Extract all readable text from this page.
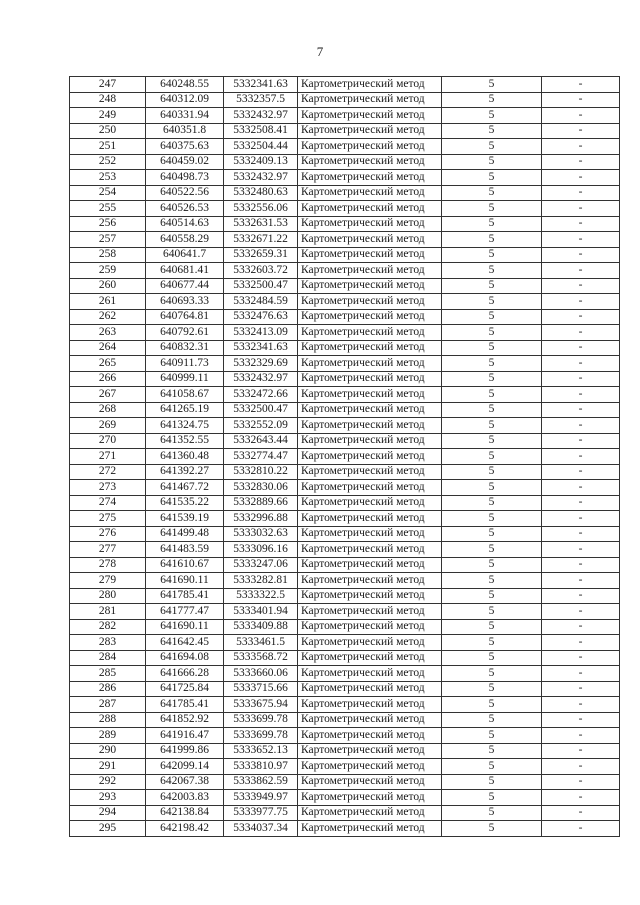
7
247	640248.55	5332341.63	Картометрический метод	5	-
248	640312.09	5332357.5	Картометрический метод	5	-
249	640331.94	5332432.97	Картометрический метод	5	-
250	640351.8	5332508.41	Картометрический метод	5	-
251	640375.63	5332504.44	Картометрический метод	5	-
252	640459.02	5332409.13	Картометрический метод	5	-
253	640498.73	5332432.97	Картометрический метод	5	-
254	640522.56	5332480.63	Картометрический метод	5	-
255	640526.53	5332556.06	Картометрический метод	5	-
256	640514.63	5332631.53	Картометрический метод	5	-
257	640558.29	5332671.22	Картометрический метод	5	-
258	640641.7	5332659.31	Картометрический метод	5	-
259	640681.41	5332603.72	Картометрический метод	5	-
260	640677.44	5332500.47	Картометрический метод	5	-
261	640693.33	5332484.59	Картометрический метод	5	-
262	640764.81	5332476.63	Картометрический метод	5	-
263	640792.61	5332413.09	Картометрический метод	5	-
264	640832.31	5332341.63	Картометрический метод	5	-
265	640911.73	5332329.69	Картометрический метод	5	-
266	640999.11	5332432.97	Картометрический метод	5	-
267	641058.67	5332472.66	Картометрический метод	5	-
268	641265.19	5332500.47	Картометрический метод	5	-
269	641324.75	5332552.09	Картометрический метод	5	-
270	641352.55	5332643.44	Картометрический метод	5	-
271	641360.48	5332774.47	Картометрический метод	5	-
272	641392.27	5332810.22	Картометрический метод	5	-
273	641467.72	5332830.06	Картометрический метод	5	-
274	641535.22	5332889.66	Картометрический метод	5	-
275	641539.19	5332996.88	Картометрический метод	5	-
276	641499.48	5333032.63	Картометрический метод	5	-
277	641483.59	5333096.16	Картометрический метод	5	-
278	641610.67	5333247.06	Картометрический метод	5	-
279	641690.11	5333282.81	Картометрический метод	5	-
280	641785.41	5333322.5	Картометрический метод	5	-
281	641777.47	5333401.94	Картометрический метод	5	-
282	641690.11	5333409.88	Картометрический метод	5	-
283	641642.45	5333461.5	Картометрический метод	5	-
284	641694.08	5333568.72	Картометрический метод	5	-
285	641666.28	5333660.06	Картометрический метод	5	-
286	641725.84	5333715.66	Картометрический метод	5	-
287	641785.41	5333675.94	Картометрический метод	5	-
288	641852.92	5333699.78	Картометрический метод	5	-
289	641916.47	5333699.78	Картометрический метод	5	-
290	641999.86	5333652.13	Картометрический метод	5	-
291	642099.14	5333810.97	Картометрический метод	5	-
292	642067.38	5333862.59	Картометрический метод	5	-
293	642003.83	5333949.97	Картометрический метод	5	-
294	642138.84	5333977.75	Картометрический метод	5	-
295	642198.42	5334037.34	Картометрический метод	5	-
